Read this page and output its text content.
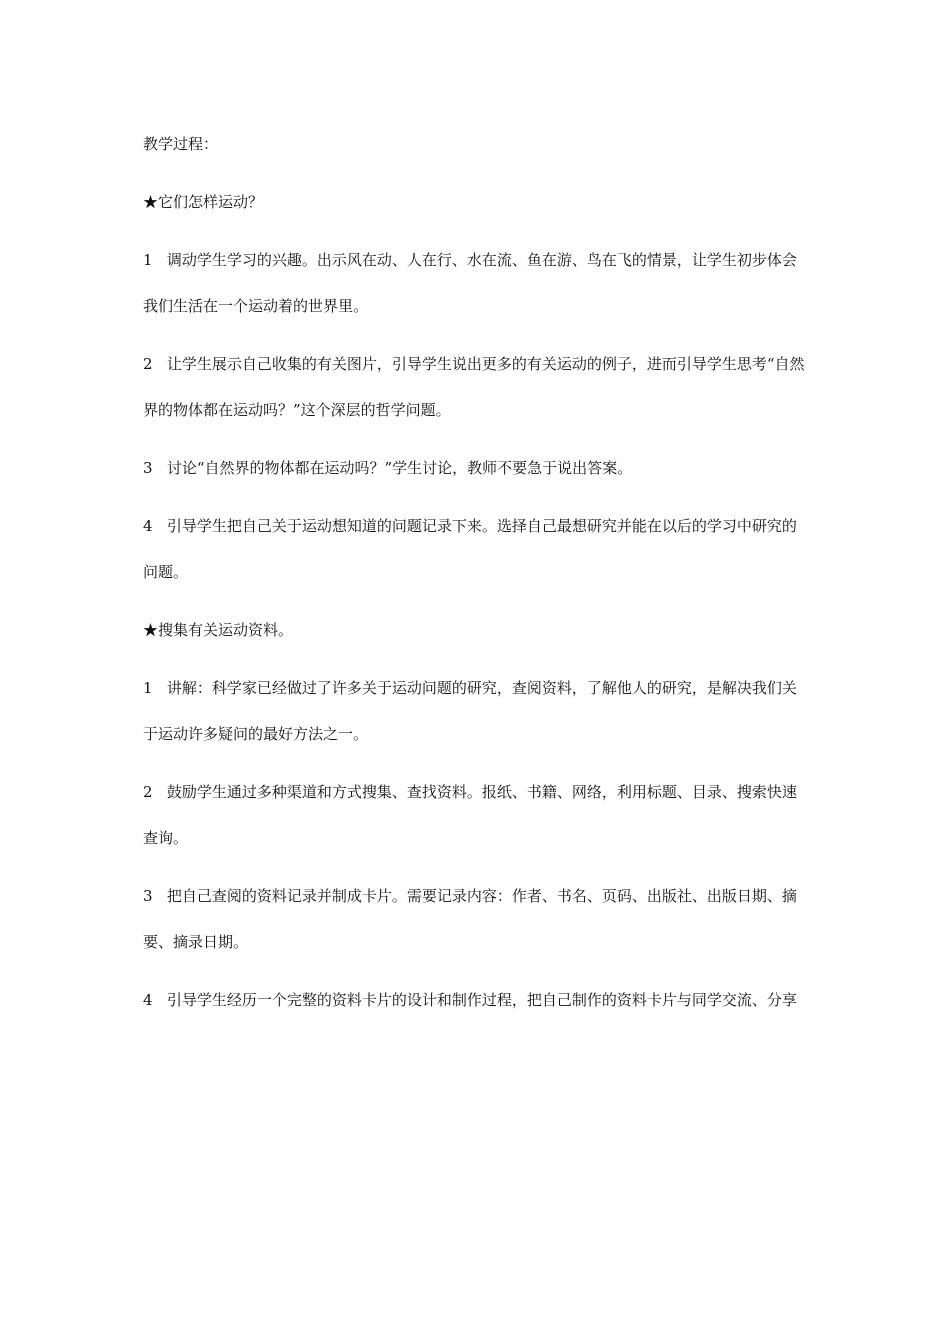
教学过程：

★它们怎样运动？

1   调动学生学习的兴趣。出示风在动、人在行、水在流、鱼在游、鸟在飞的情景，让学生初步体会我们生活在一个运动着的世界里。

2   让学生展示自己收集的有关图片，引导学生说出更多的有关运动的例子，进而引导学生思考“自然界的物体都在运动吗？”这个深层的哲学问题。

3   讨论“自然界的物体都在运动吗？”学生讨论，教师不要急于说出答案。

4   引导学生把自己关于运动想知道的问题记录下来。选择自己最想研究并能在以后的学习中研究的问题。

★搜集有关运动资料。

1   讲解：科学家已经做过了许多关于运动问题的研究，查阅资料，了解他人的研究，是解决我们关于运动许多疑问的最好方法之一。

2   鼓励学生通过多种渠道和方式搜集、查找资料。报纸、书籍、网络，利用标题、目录、搜索快速查询。

3   把自己查阅的资料记录并制成卡片。需要记录内容：作者、书名、页码、出版社、出版日期、摘要、摘录日期。

4   引导学生经历一个完整的资料卡片的设计和制作过程，把自己制作的资料卡片与同学交流、分享
